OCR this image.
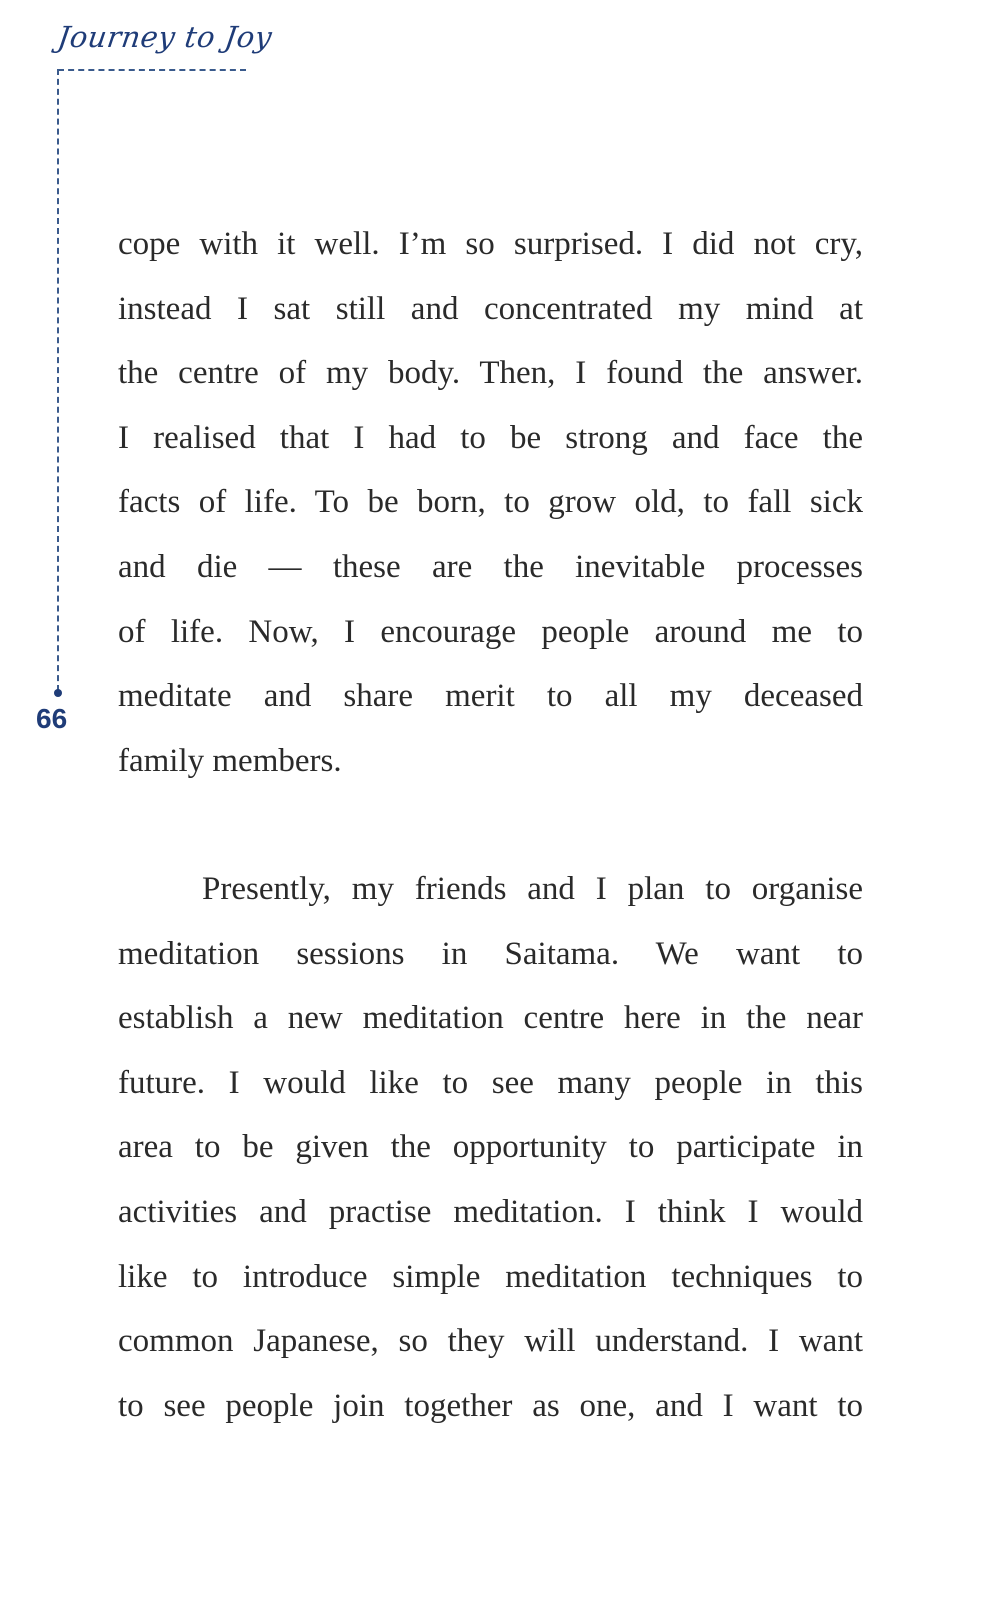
Journey to Joy
66
cope with it well. I’m so surprised. I did not cry,
instead I sat still and concentrated my mind at
the centre of my body. Then, I found the answer.
I realised that I had to be strong and face the
facts of life. To be born, to grow old, to fall sick
and die — these are the inevitable processes
of life. Now, I encourage people around me to
meditate and share merit to all my deceased
family members.
Presently, my friends and I plan to organise
meditation sessions in Saitama. We want to
establish a new meditation centre here in the near
future. I would like to see many people in this
area to be given the opportunity to participate in
activities and practise meditation. I think I would
like to introduce simple meditation techniques to
common Japanese, so they will understand. I want
to see people join together as one, and I want to
